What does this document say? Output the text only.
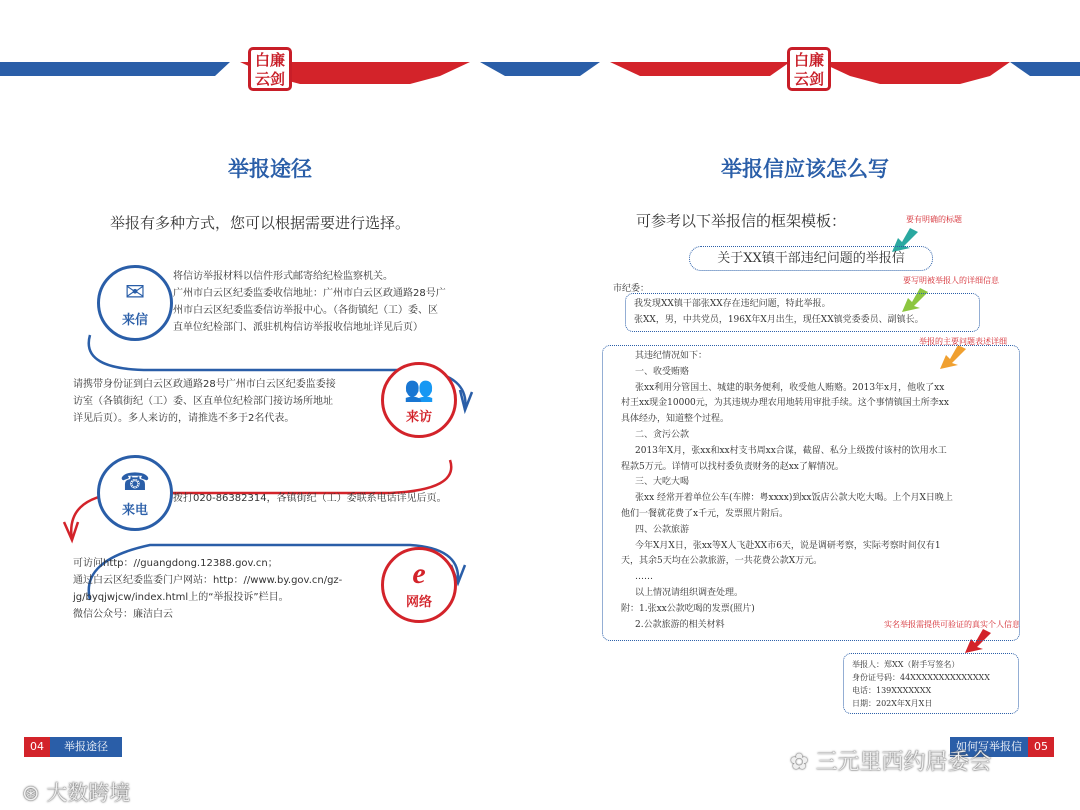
白廉
云剑
白廉
云剑
举报途径
举报有多种方式，您可以根据需要进行选择。
✉
来信

将信访举报材料以信件形式邮寄给纪检监察机关。

广州市白云区纪委监委收信地址：广州市白云区政通路28号广

州市白云区纪委监委信访举报中心。（各街镇纪（工）委、区

直单位纪检部门、派驻机构信访举报收信地址详见后页）

请携带身份证到白云区政通路28号广州市白云区纪委监委接

访室（各镇街纪（工）委、区直单位纪检部门接访场所地址

详见后页）。多人来访的，请推选不多于2名代表。

👥
来访
☎
来电

拨打020-86382314，各镇街纪（工）委联系电话详见后页。

可访问http：//guangdong.12388.gov.cn；

通过白云区纪委监委门户网站：http：//www.by.gov.cn/gz-

jg/byqjwjcw/index.html上的“举报投诉”栏目。

微信公众号：廉洁白云

e
网络
04 举报途径
举报信应该怎么写
可参考以下举报信的框架模板：	要有明确的标题
要写明被举报人的详细信息
举报的主要问题表述详细
实名举报需提供可验证的真实个人信息
关于XX镇干部违纪问题的举报信
市纪委：
我发现XX镇干部张XX存在违纪问题，特此举报。
张XX，男，中共党员，196X年X月出生，现任XX镇党委委员、副镇长。
其违纪情况如下：
一、收受贿赂
张xx利用分管国土、城建的职务便利，收受他人贿赂。2013年x月，他收了xx
村王xx现金10000元，为其违规办理农用地转用审批手续。这个事情镇国土所李xx
具体经办，知道整个过程。
二、贪污公款
2013年X月，张xx和xx村支书周xx合谋，截留、私分上级拨付该村的饮用水工
程款5万元。详情可以找村委负责财务的赵xx了解情况。
三、大吃大喝
张xx 经常开着单位公车(车牌：粤xxxx)到xx饭店公款大吃大喝。上个月X日晚上
他们一餐就花费了x千元，发票照片附后。
四、公款旅游
今年X月X日，张xx等X人飞赴XX市6天，说是调研考察，实际考察时间仅有1
天，其余5天均在公款旅游，一共花费公款X万元。
……
以上情况请组织调查处理。
附：1.张xx公款吃喝的发票(照片)
2.公款旅游的相关材料
举报人：郑XX（附手写签名）
身份证号码：44XXXXXXXXXXXXXX
电话：139XXXXXXX
日期：202X年X月X日
如何写举报信 05
⊛ 大数跨境
✿ 三元里西约居委会
